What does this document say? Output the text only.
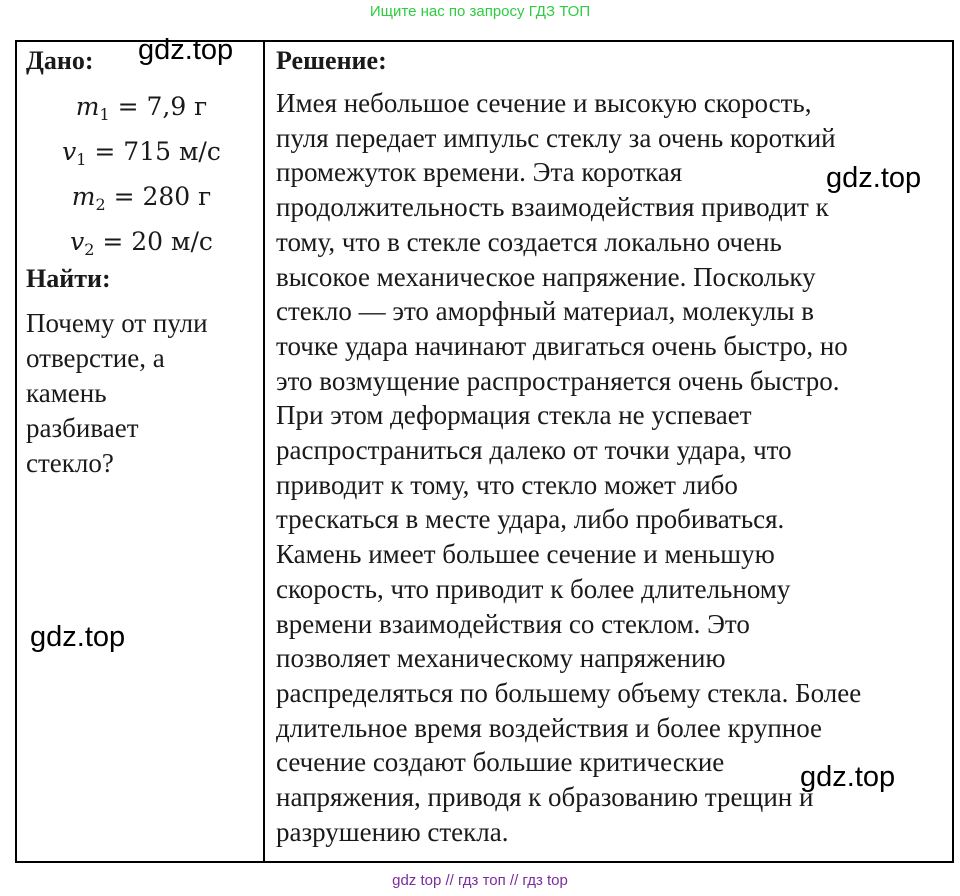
Ищите нас по запросу ГДЗ ТОП
Дано:
$m_1 = 7,9$ г
$v_1 = 715$ м/с
$m_2 = 280$ г
$v_2 = 20$ м/с
Найти:
Почему от пули
отверстие, а
камень
разбивает
стекло?
Решение:
Имея небольшое сечение и высокую скорость,
пуля передает импульс стеклу за очень короткий
промежуток времени. Эта короткая
продолжительность взаимодействия приводит к
тому, что в стекле создается локально очень
высокое механическое напряжение. Поскольку
стекло — это аморфный материал, молекулы в
точке удара начинают двигаться очень быстро, но
это возмущение распространяется очень быстро.
При этом деформация стекла не успевает
распространиться далеко от точки удара, что
приводит к тому, что стекло может либо
трескаться в месте удара, либо пробиваться.
Камень имеет большее сечение и меньшую
скорость, что приводит к более длительному
времени взаимодействия со стеклом. Это
позволяет механическому напряжению
распределяться по большему объему стекла. Более
длительное время воздействия и более крупное
сечение создают большие критические
напряжения, приводя к образованию трещин и
разрушению стекла.
gdz.top
gdz.top
gdz.top
gdz.top
gdz top // гдз топ // гдз top
